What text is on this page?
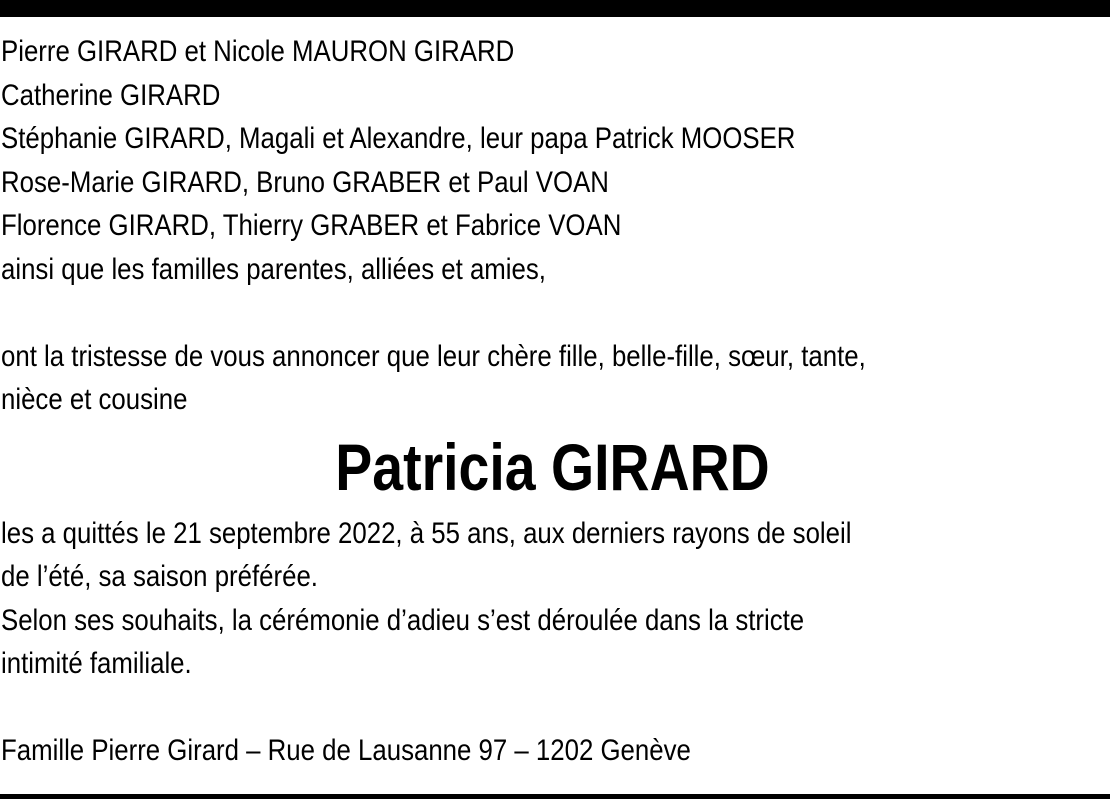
Pierre GIRARD et Nicole MAURON GIRARD
Catherine GIRARD
Stéphanie GIRARD, Magali et Alexandre, leur papa Patrick MOOSER
Rose-Marie GIRARD, Bruno GRABER et Paul VOAN
Florence GIRARD, Thierry GRABER et Fabrice VOAN
ainsi que les familles parentes, alliées et amies,
ont la tristesse de vous annoncer que leur chère fille, belle-fille, sœur, tante,
nièce et cousine
Patricia GIRARD
les a quittés le 21 septembre 2022, à 55 ans, aux derniers rayons de soleil
de l’été, sa saison préférée.
Selon ses souhaits, la cérémonie d’adieu s’est déroulée dans la stricte
intimité familiale.
Famille Pierre Girard – Rue de Lausanne 97 – 1202 Genève
